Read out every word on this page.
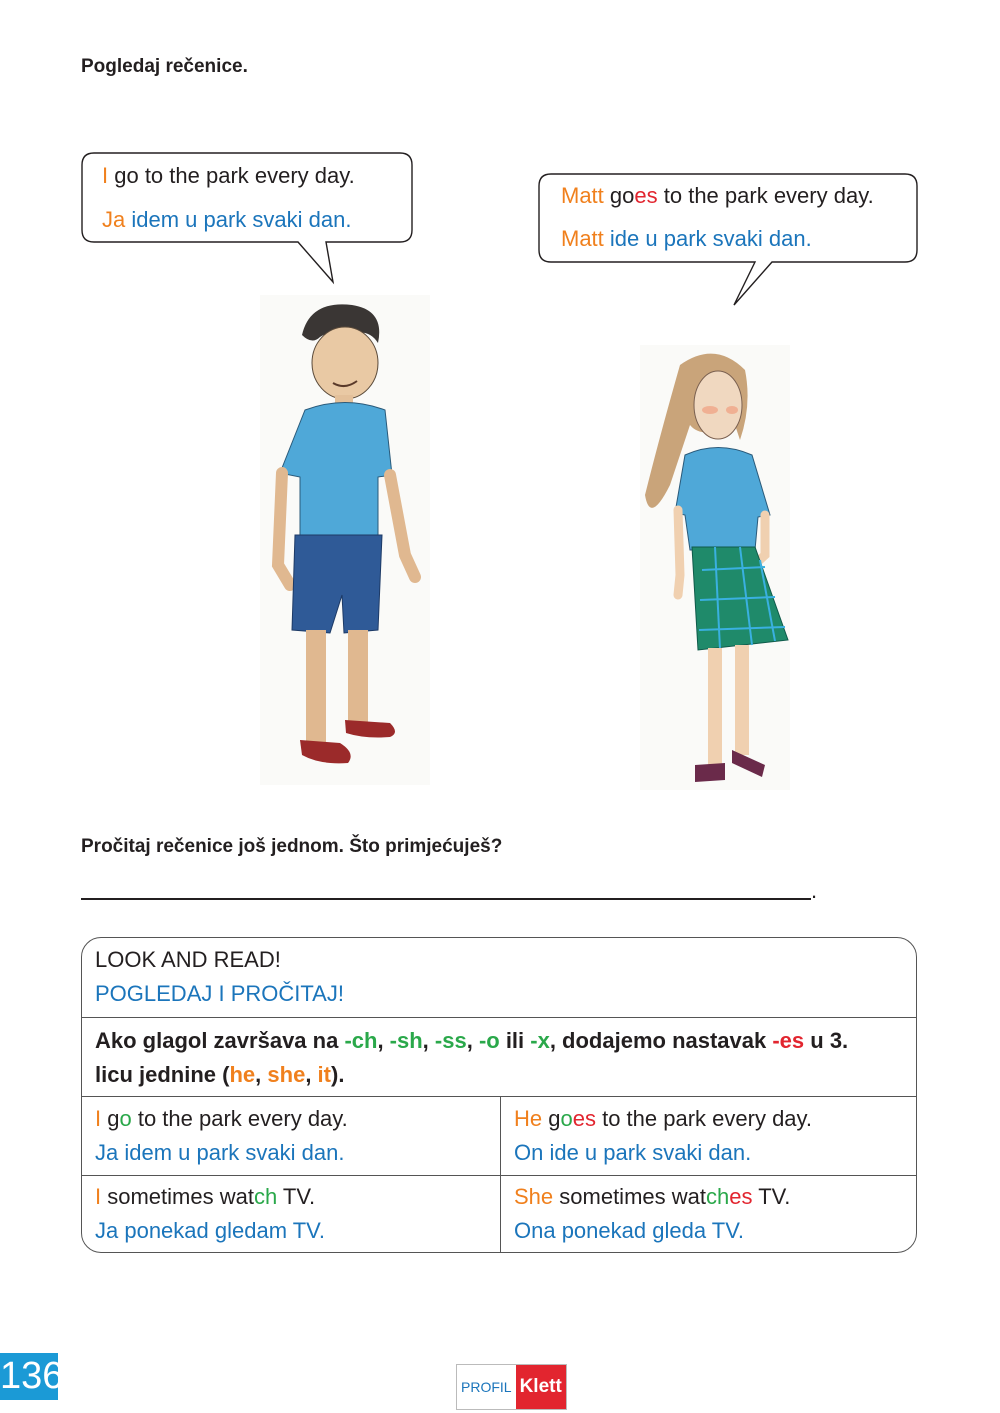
Pogledaj rečenice.
I go to the park every day.
Ja idem u park svaki dan.
Matt goes to the park every day.
Matt ide u park svaki dan.
Pročitaj rečenice još jednom. Što primjećuješ?
.
LOOK AND READ!
POGLEDAJ I PROČITAJ!
Ako glagol završava na -ch, -sh, -ss, -o ili -x, dodajemo nastavak -es u 3.
licu jednine (he, she, it).
I go to the park every day.
Ja idem u park svaki dan.
He goes to the park every day.
On ide u park svaki dan.
I sometimes watch TV.
Ja ponekad gledam TV.
She sometimes watches TV.
Ona ponekad gleda TV.
136	PROFIL Klett
